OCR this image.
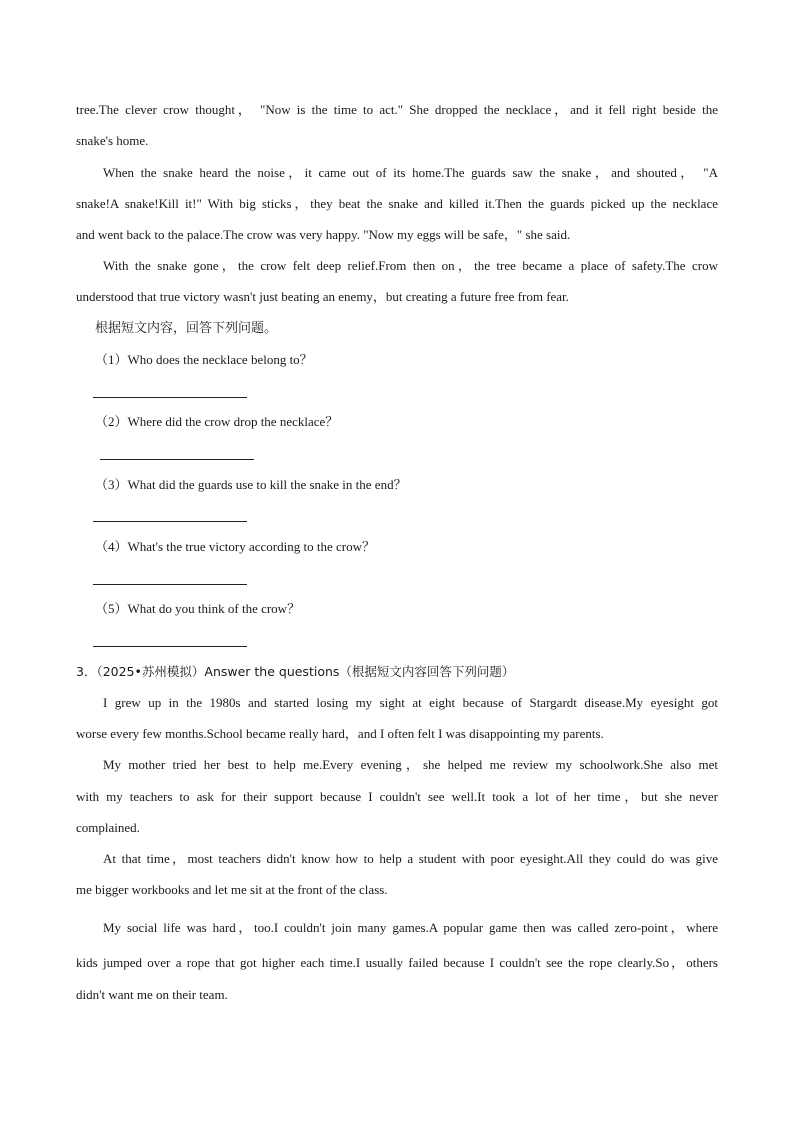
tree.The clever crow thought， "Now is the time to act." She dropped the necklace，and it fell right beside the
snake's home.
When the snake heard the noise，it came out of its home.The guards saw the snake，and shouted， "A
snake!A snake!Kill it!" With big sticks，they beat the snake and killed it.Then the guards picked up the necklace
and went back to the palace.The crow was very happy. "Now my eggs will be safe，" she said.
With the snake gone，the crow felt deep relief.From then on，the tree became a place of safety.The crow
understood that true victory wasn't just beating an enemy，but creating a future free from fear.
根据短文内容，回答下列问题。
（1）Who does the necklace belong to？
（2）Where did the crow drop the necklace？
（3）What did the guards use to kill the snake in the end？
（4）What's the true victory according to the crow？
（5）What do you think of the crow？
3．（2025•苏州模拟）Answer the questions（根据短文内容回答下列问题）
I grew up in the 1980s and started losing my sight at eight because of Stargardt disease.My eyesight got
worse every few months.School became really hard，and I often felt I was disappointing my parents.
My mother tried her best to help me.Every evening，she helped me review my schoolwork.She also met
with my teachers to ask for their support because I couldn't see well.It took a lot of her time，but she never
complained.
At that time，most teachers didn't know how to help a student with poor eyesight.All they could do was give
me bigger workbooks and let me sit at the front of the class.
My social life was hard，too.I couldn't join many games.A popular game then was called zero-point，where
kids jumped over a rope that got higher each time.I usually failed because I couldn't see the rope clearly.So，others
didn't want me on their team.
